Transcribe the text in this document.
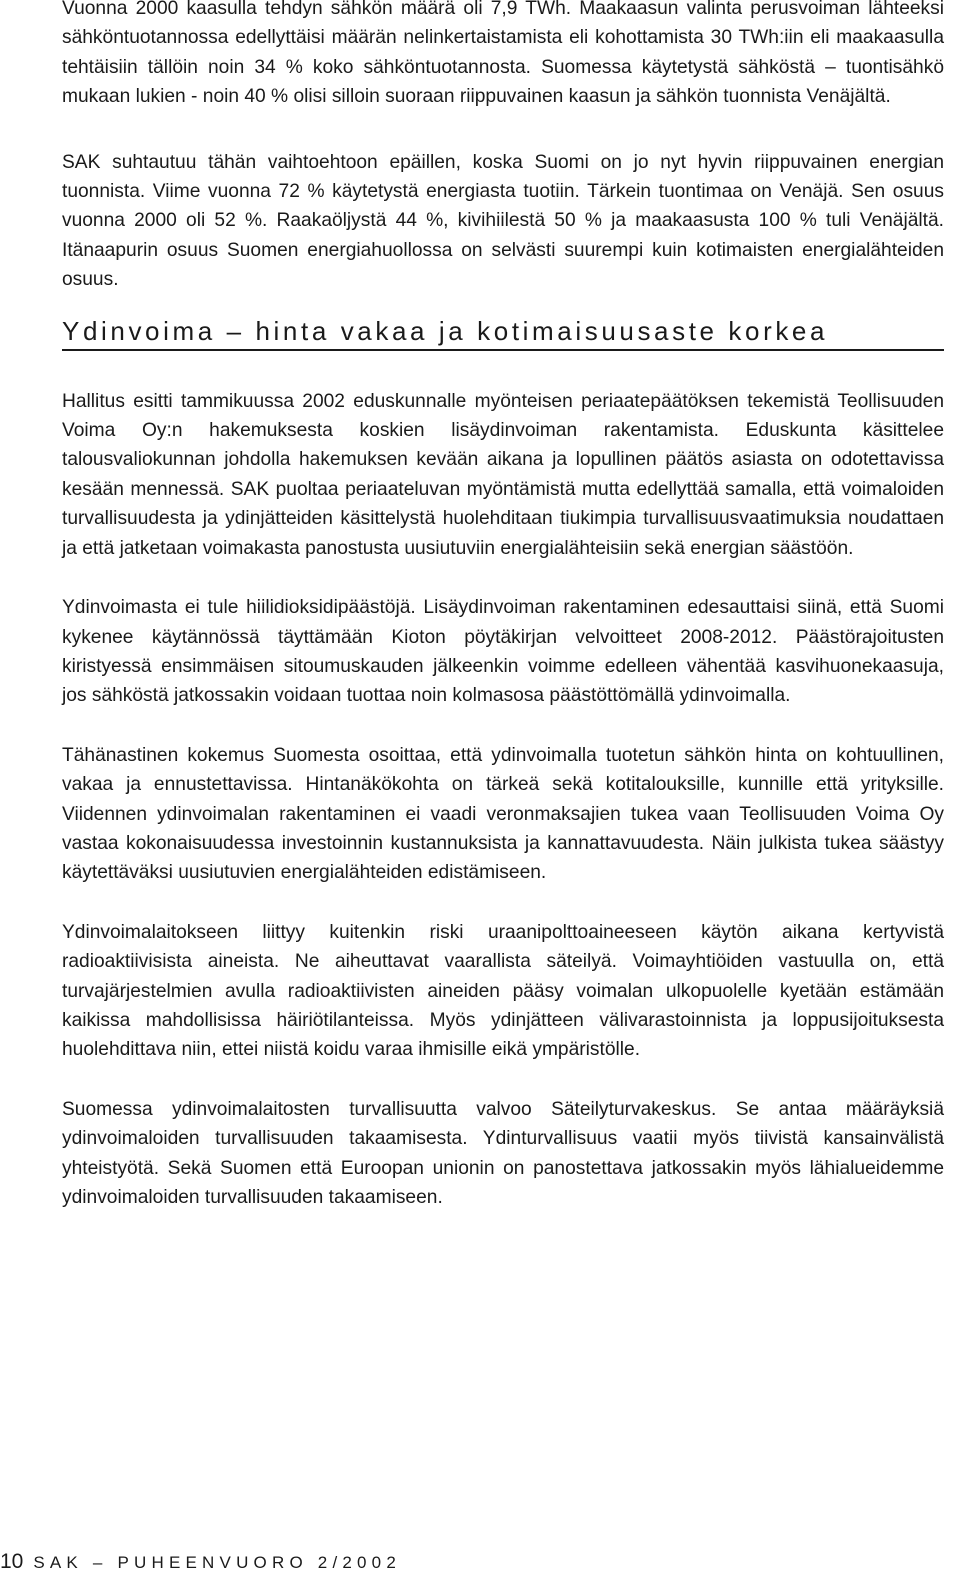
Vuonna 2000 kaasulla tehdyn sähkön määrä oli 7,9 TWh. Maakaasun valinta perusvoiman lähteeksi sähköntuotannossa edellyttäisi määrän nelinkertaistamista eli kohottamista 30 TWh:iin eli maakaasulla tehtäisiin tällöin noin 34 % koko sähköntuotannosta. Suomessa käytetystä sähköstä – tuontisähkö mukaan lukien - noin 40 % olisi silloin suoraan riippuvainen kaasun ja sähkön tuonnista Venäjältä.

SAK suhtautuu tähän vaihtoehtoon epäillen, koska Suomi on jo nyt hyvin riippuvainen energian tuonnista. Viime vuonna 72 % käytetystä energiasta tuotiin. Tärkein tuontimaa on Venäjä. Sen osuus vuonna 2000 oli 52 %. Raakaöljystä 44 %, kivihiilestä 50 % ja maakaasusta 100 % tuli Venäjältä. Itänaapurin osuus Suomen energiahuollossa on selvästi suurempi kuin kotimaisten energialähteiden osuus.

Ydinvoima – hinta vakaa ja kotimaisuusaste korkea

Hallitus esitti tammikuussa 2002 eduskunnalle myönteisen periaatepäätöksen tekemistä Teollisuuden Voima Oy:n hakemuksesta koskien lisäydinvoiman rakentamista. Eduskunta käsittelee talousvaliokunnan johdolla hakemuksen kevään aikana ja lopullinen päätös asiasta on odotettavissa kesään mennessä. SAK puoltaa periaateluvan myöntämistä mutta edellyttää samalla, että voimaloiden turvallisuudesta ja ydinjätteiden käsittelystä huolehditaan tiukimpia turvallisuusvaatimuksia noudattaen ja että jatketaan voimakasta panostusta uusiutuviin energialähteisiin sekä energian säästöön.

Ydinvoimasta ei tule hiilidioksidipäästöjä. Lisäydinvoiman rakentaminen edesauttaisi siinä, että Suomi kykenee käytännössä täyttämään Kioton pöytäkirjan velvoitteet 2008-2012. Päästörajoitusten kiristyessä ensimmäisen sitoumuskauden jälkeenkin voimme edelleen vähentää kasvihuonekaasuja, jos sähköstä jatkossakin voidaan tuottaa noin kolmasosa päästöttömällä ydinvoimalla.

Tähänastinen kokemus Suomesta osoittaa, että ydinvoimalla tuotetun sähkön hinta on kohtuullinen, vakaa ja ennustettavissa. Hintanäkökohta on tärkeä sekä kotitalouksille, kunnille että yrityksille. Viidennen ydinvoimalan rakentaminen ei vaadi veronmaksajien tukea vaan Teollisuuden Voima Oy vastaa kokonaisuudessa investoinnin kustannuksista ja kannattavuudesta. Näin julkista tukea säästyy käytettäväksi uusiutuvien energialähteiden edistämiseen.

Ydinvoimalaitokseen liittyy kuitenkin riski uraanipolttoaineeseen käytön aikana kertyvistä radioaktiivisista aineista. Ne aiheuttavat vaarallista säteilyä. Voimayhtiöiden vastuulla on, että turvajärjestelmien avulla radioaktiivisten aineiden pääsy voimalan ulkopuolelle kyetään estämään kaikissa mahdollisissa häiriötilanteissa. Myös ydinjätteen välivarastoinnista ja loppusijoituksesta huolehdittava niin, ettei niistä koidu varaa ihmisille eikä ympäristölle.

Suomessa ydinvoimalaitosten turvallisuutta valvoo Säteilyturvakeskus. Se antaa määräyksiä ydinvoimaloiden turvallisuuden takaamisesta. Ydinturvallisuus vaatii myös tiivistä kansainvälistä yhteistyötä. Sekä Suomen että Euroopan unionin on panostettava jatkossakin myös lähialueidemme ydinvoimaloiden turvallisuuden takaamiseen.

10 SAK – PUHEENVUORO 2/2002
